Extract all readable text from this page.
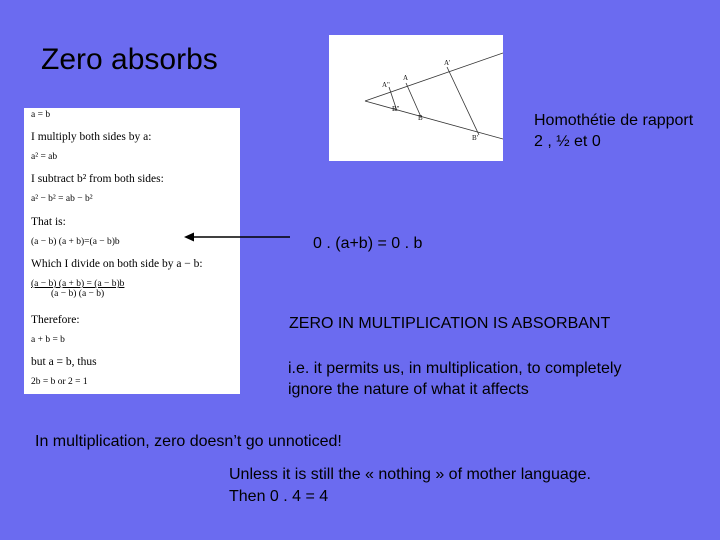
Zero absorbs	A'
A
A"
B"
B
B'
Homothétie de rapport
2 , ½ et 0
a = b
I multiply both sides by a:
a² = ab
I subtract b² from both sides:
a² − b² = ab − b²
That is:
(a − b) (a + b)=(a − b)b
Which I divide on both side by a − b:
$\frac{(a - b) (a + b) = (a - b)b}{(a - b) (a - b)}$
Therefore:
a + b = b
but a = b, thus
2b = b or 2 = 1
0 . (a+b) = 0 . b
ZERO IN MULTIPLICATION IS ABSORBANT
i.e. it permits us, in multiplication, to completely
ignore the nature of what it affects
In multiplication, zero doesn’t go unnoticed!
Unless it is still the « nothing » of mother language.
Then 0 . 4 = 4
